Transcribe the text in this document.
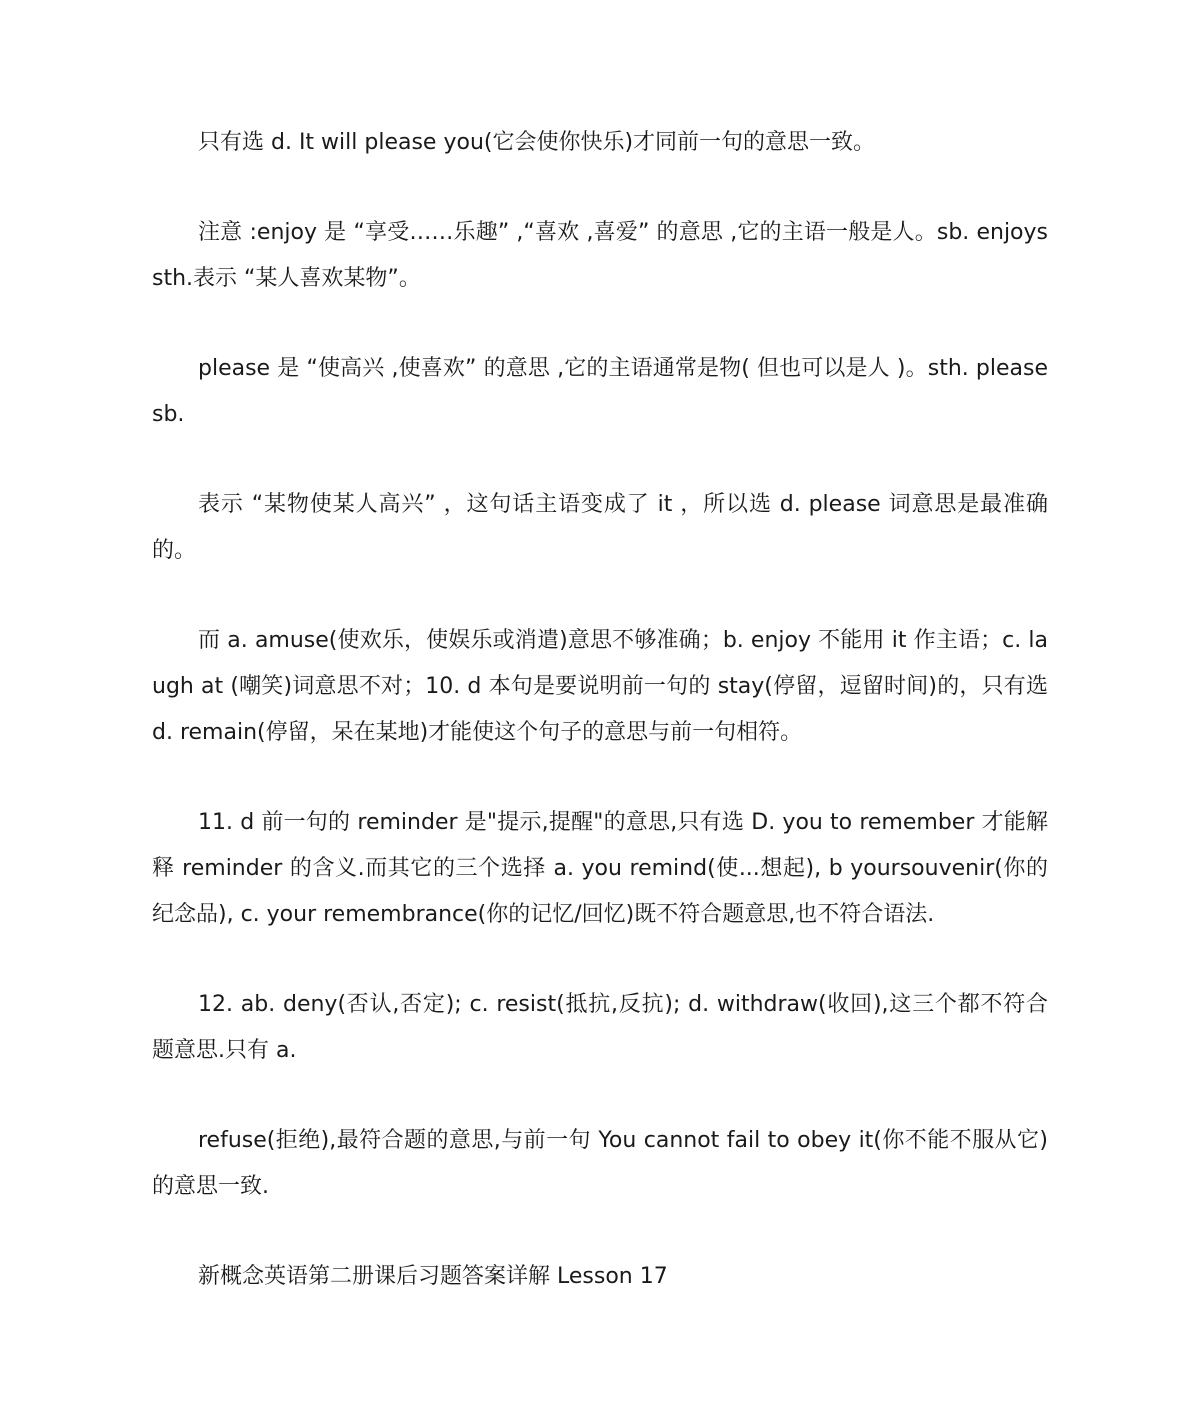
只有选 d. It will please you(它会使你快乐)才同前一句的意思一致。

注意 :enjoy 是 “享受……乐趣” ,“喜欢 ,喜爱” 的意思 ,它的主语一般是人。sb. enjoys sth.表示 “某人喜欢某物”。

please 是 “使高兴 ,使喜欢” 的意思 ,它的主语通常是物( 但也可以是人 )。sth. please sb.

表示 “某物使某人高兴” ，这句话主语变成了 it ，所以选 d. please 词意思是最准确的。

而 a. amuse(使欢乐，使娱乐或消遣)意思不够准确；b. enjoy 不能用 it 作主语；c. laugh at (嘲笑)词意思不对；10. d 本句是要说明前一句的 stay(停留，逗留时间)的，只有选 d. remain(停留，呆在某地)才能使这个句子的意思与前一句相符。

11. d 前一句的 reminder 是"提示,提醒"的意思,只有选 D. you to remember 才能解释 reminder 的含义.而其它的三个选择 a. you remind(使...想起), b yoursouvenir(你的纪念品), c. your remembrance(你的记忆/回忆)既不符合题意思,也不符合语法.

12. ab. deny(否认,否定); c. resist(抵抗,反抗); d. withdraw(收回),这三个都不符合题意思.只有 a.

refuse(拒绝),最符合题的意思,与前一句 You cannot fail to obey it(你不能不服从它)的意思一致.

新概念英语第二册课后习题答案详解 Lesson 17
